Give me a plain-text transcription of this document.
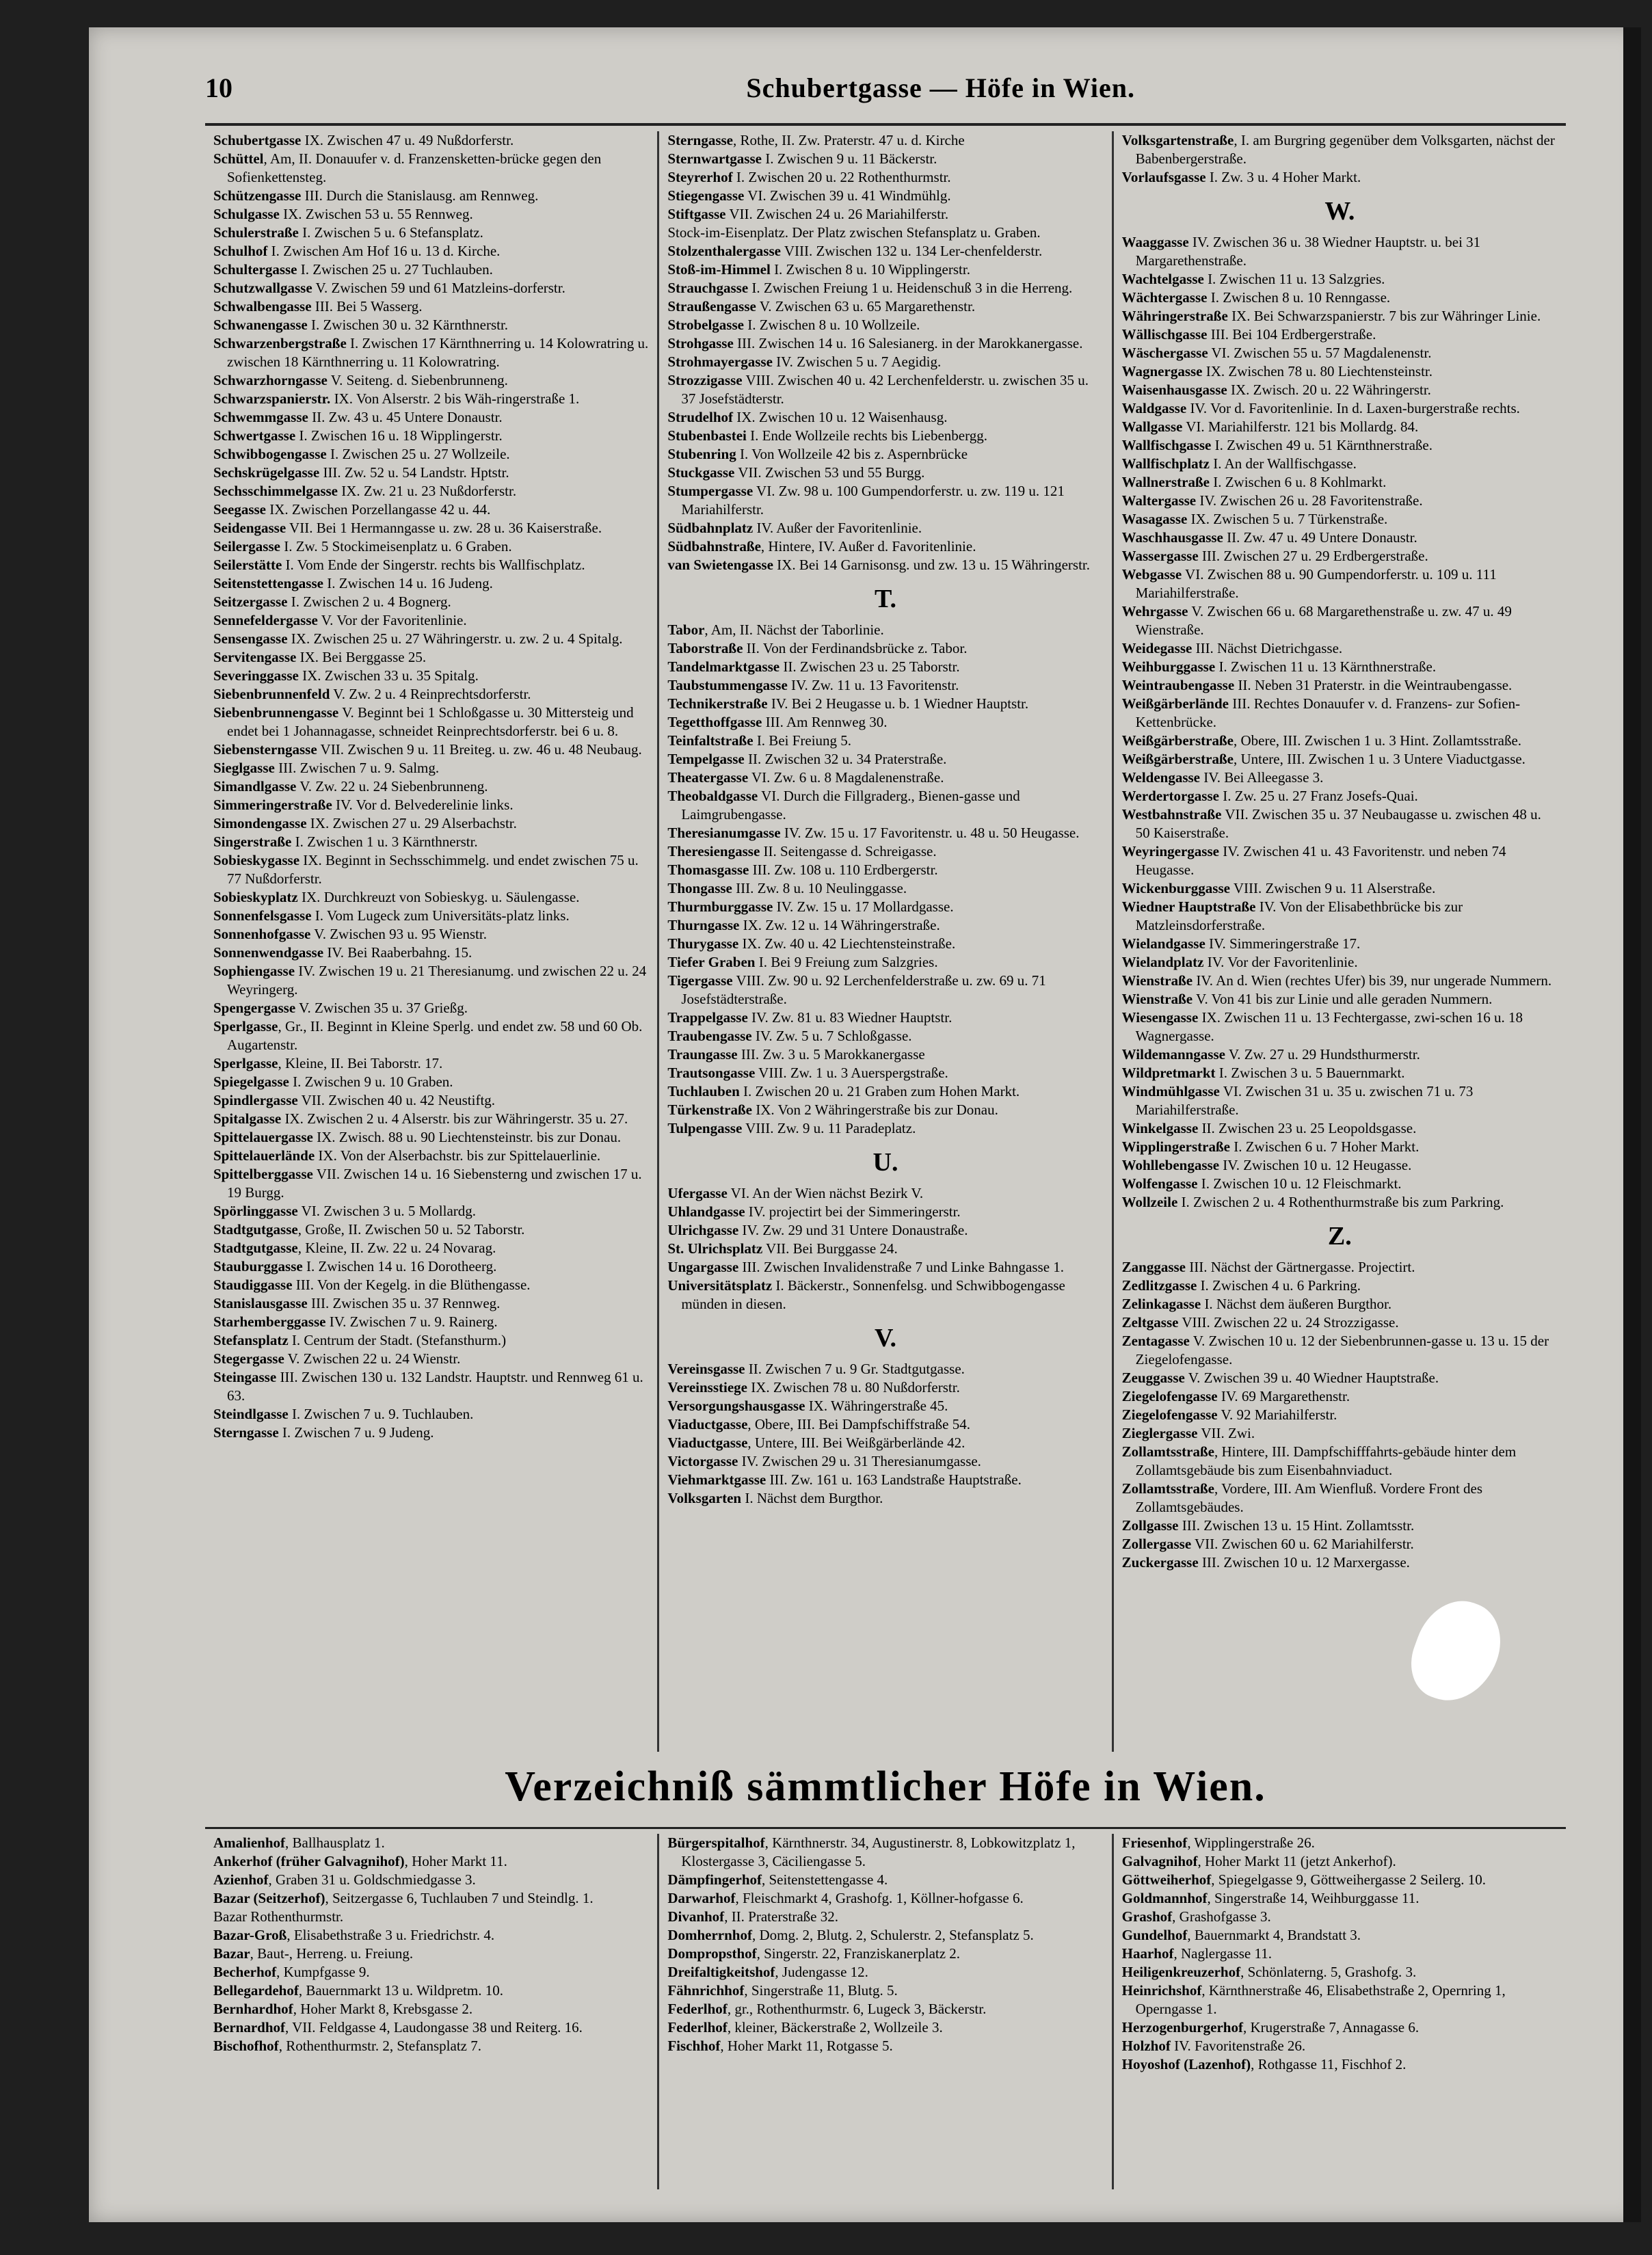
10	Schubertgasse — Höfe in Wien.

Schubertgasse IX. Zwischen 47 u. 49 Nußdorferstr.

Schüttel, Am, II. Donauufer v. d. Franzensketten-brücke gegen den Sofienkettensteg.

Schützengasse III. Durch die Stanislausg. am Rennweg.

Schulgasse IX. Zwischen 53 u. 55 Rennweg.

Schulerstraße I. Zwischen 5 u. 6 Stefansplatz.

Schulhof I. Zwischen Am Hof 16 u. 13 d. Kirche.

Schultergasse I. Zwischen 25 u. 27 Tuchlauben.

Schutzwallgasse V. Zwischen 59 und 61 Matzleins-dorferstr.

Schwalbengasse III. Bei 5 Wasserg.

Schwanengasse I. Zwischen 30 u. 32 Kärnthnerstr.

Schwarzenbergstraße I. Zwischen 17 Kärnthnerring u. 14 Kolowratring u. zwischen 18 Kärnthnerring u. 11 Kolowratring.

Schwarzhorngasse V. Seiteng. d. Siebenbrunneng.

Schwarzspanierstr. IX. Von Alserstr. 2 bis Wäh-ringerstraße 1.

Schwemmgasse II. Zw. 43 u. 45 Untere Donaustr.

Schwertgasse I. Zwischen 16 u. 18 Wipplingerstr.

Schwibbogengasse I. Zwischen 25 u. 27 Wollzeile.

Sechskrügelgasse III. Zw. 52 u. 54 Landstr. Hptstr.

Sechsschimmelgasse IX. Zw. 21 u. 23 Nußdorferstr.

Seegasse IX. Zwischen Porzellangasse 42 u. 44.

Seidengasse VII. Bei 1 Hermanngasse u. zw. 28 u. 36 Kaiserstraße.

Seilergasse I. Zw. 5 Stockimeisenplatz u. 6 Graben.

Seilerstätte I. Vom Ende der Singerstr. rechts bis Wallfischplatz.

Seitenstettengasse I. Zwischen 14 u. 16 Judeng.

Seitzergasse I. Zwischen 2 u. 4 Bognerg.

Sennefeldergasse V. Vor der Favoritenlinie.

Sensengasse IX. Zwischen 25 u. 27 Währingerstr. u. zw. 2 u. 4 Spitalg.

Servitengasse IX. Bei Berggasse 25.

Severinggasse IX. Zwischen 33 u. 35 Spitalg.

Siebenbrunnenfeld V. Zw. 2 u. 4 Reinprechtsdorferstr.

Siebenbrunnengasse V. Beginnt bei 1 Schloßgasse u. 30 Mittersteig und endet bei 1 Johannagasse, schneidet Reinprechtsdorferstr. bei 6 u. 8.

Siebensterngasse VII. Zwischen 9 u. 11 Breiteg. u. zw. 46 u. 48 Neubaug.

Sieglgasse III. Zwischen 7 u. 9. Salmg.

Simandlgasse V. Zw. 22 u. 24 Siebenbrunneng.

Simmeringerstraße IV. Vor d. Belvederelinie links.

Simondengasse IX. Zwischen 27 u. 29 Alserbachstr.

Singerstraße I. Zwischen 1 u. 3 Kärnthnerstr.

Sobieskygasse IX. Beginnt in Sechsschimmelg. und endet zwischen 75 u. 77 Nußdorferstr.

Sobieskyplatz IX. Durchkreuzt von Sobieskyg. u. Säulengasse.

Sonnenfelsgasse I. Vom Lugeck zum Universitäts-platz links.

Sonnenhofgasse V. Zwischen 93 u. 95 Wienstr.

Sonnenwendgasse IV. Bei Raaberbahng. 15.

Sophiengasse IV. Zwischen 19 u. 21 Theresianumg. und zwischen 22 u. 24 Weyringerg.

Spengergasse V. Zwischen 35 u. 37 Grießg.

Sperlgasse, Gr., II. Beginnt in Kleine Sperlg. und endet zw. 58 und 60 Ob. Augartenstr.

Sperlgasse, Kleine, II. Bei Taborstr. 17.

Spiegelgasse I. Zwischen 9 u. 10 Graben.

Spindlergasse VII. Zwischen 40 u. 42 Neustiftg.

Spitalgasse IX. Zwischen 2 u. 4 Alserstr. bis zur Währingerstr. 35 u. 27.

Spittelauergasse IX. Zwisch. 88 u. 90 Liechtensteinstr. bis zur Donau.

Spittelauerlände IX. Von der Alserbachstr. bis zur Spittelauerlinie.

Spittelberggasse VII. Zwischen 14 u. 16 Siebensterng und zwischen 17 u. 19 Burgg.

Spörlinggasse VI. Zwischen 3 u. 5 Mollardg.

Stadtgutgasse, Große, II. Zwischen 50 u. 52 Taborstr.

Stadtgutgasse, Kleine, II. Zw. 22 u. 24 Novarag.

Stauburggasse I. Zwischen 14 u. 16 Dorotheerg.

Staudiggasse III. Von der Kegelg. in die Blüthengasse.

Stanislausgasse III. Zwischen 35 u. 37 Rennweg.

Starhemberggasse IV. Zwischen 7 u. 9. Rainerg.

Stefansplatz I. Centrum der Stadt. (Stefansthurm.)

Stegergasse V. Zwischen 22 u. 24 Wienstr.

Steingasse III. Zwischen 130 u. 132 Landstr. Hauptstr. und Rennweg 61 u. 63.

Steindlgasse I. Zwischen 7 u. 9. Tuchlauben.

Sterngasse I. Zwischen 7 u. 9 Judeng.

Sterngasse, Rothe, II. Zw. Praterstr. 47 u. d. Kirche

Sternwartgasse I. Zwischen 9 u. 11 Bäckerstr.

Steyrerhof I. Zwischen 20 u. 22 Rothenthurmstr.

Stiegengasse VI. Zwischen 39 u. 41 Windmühlg.

Stiftgasse VII. Zwischen 24 u. 26 Mariahilferstr.

Stock-im-Eisenplatz. Der Platz zwischen Stefansplatz u. Graben.

Stolzenthalergasse VIII. Zwischen 132 u. 134 Ler-chenfelderstr.

Stoß-im-Himmel I. Zwischen 8 u. 10 Wipplingerstr.

Strauchgasse I. Zwischen Freiung 1 u. Heidenschuß 3 in die Herreng.

Straußengasse V. Zwischen 63 u. 65 Margarethenstr.

Strobelgasse I. Zwischen 8 u. 10 Wollzeile.

Strohgasse III. Zwischen 14 u. 16 Salesianerg. in der Marokkanergasse.

Strohmayergasse IV. Zwischen 5 u. 7 Aegidig.

Strozzigasse VIII. Zwischen 40 u. 42 Lerchenfelderstr. u. zwischen 35 u. 37 Josefstädterstr.

Strudelhof IX. Zwischen 10 u. 12 Waisenhausg.

Stubenbastei I. Ende Wollzeile rechts bis Liebenbergg.

Stubenring I. Von Wollzeile 42 bis z. Aspernbrücke

Stuckgasse VII. Zwischen 53 und 55 Burgg.

Stumpergasse VI. Zw. 98 u. 100 Gumpendorferstr. u. zw. 119 u. 121 Mariahilferstr.

Südbahnplatz IV. Außer der Favoritenlinie.

Südbahnstraße, Hintere, IV. Außer d. Favoritenlinie.

van Swietengasse IX. Bei 14 Garnisonsg. und zw. 13 u. 15 Währingerstr.

T.

Tabor, Am, II. Nächst der Taborlinie.

Taborstraße II. Von der Ferdinandsbrücke z. Tabor.

Tandelmarktgasse II. Zwischen 23 u. 25 Taborstr.

Taubstummengasse IV. Zw. 11 u. 13 Favoritenstr.

Technikerstraße IV. Bei 2 Heugasse u. b. 1 Wiedner Hauptstr.

Tegetthoffgasse III. Am Rennweg 30.

Teinfaltstraße I. Bei Freiung 5.

Tempelgasse II. Zwischen 32 u. 34 Praterstraße.

Theatergasse VI. Zw. 6 u. 8 Magdalenenstraße.

Theobaldgasse VI. Durch die Fillgraderg., Bienen-gasse und Laimgrubengasse.

Theresianumgasse IV. Zw. 15 u. 17 Favoritenstr. u. 48 u. 50 Heugasse.

Theresiengasse II. Seitengasse d. Schreigasse.

Thomasgasse III. Zw. 108 u. 110 Erdbergerstr.

Thongasse III. Zw. 8 u. 10 Neulinggasse.

Thurmburggasse IV. Zw. 15 u. 17 Mollardgasse.

Thurngasse IX. Zw. 12 u. 14 Währingerstraße.

Thurygasse IX. Zw. 40 u. 42 Liechtensteinstraße.

Tiefer Graben I. Bei 9 Freiung zum Salzgries.

Tigergasse VIII. Zw. 90 u. 92 Lerchenfelderstraße u. zw. 69 u. 71 Josefstädterstraße.

Trappelgasse IV. Zw. 81 u. 83 Wiedner Hauptstr.

Traubengasse IV. Zw. 5 u. 7 Schloßgasse.

Traungasse III. Zw. 3 u. 5 Marokkanergasse

Trautsongasse VIII. Zw. 1 u. 3 Auerspergstraße.

Tuchlauben I. Zwischen 20 u. 21 Graben zum Hohen Markt.

Türkenstraße IX. Von 2 Währingerstraße bis zur Donau.

Tulpengasse VIII. Zw. 9 u. 11 Paradeplatz.

U.

Ufergasse VI. An der Wien nächst Bezirk V.

Uhlandgasse IV. projectirt bei der Simmeringerstr.

Ulrichgasse IV. Zw. 29 und 31 Untere Donaustraße.

St. Ulrichsplatz VII. Bei Burggasse 24.

Ungargasse III. Zwischen Invalidenstraße 7 und Linke Bahngasse 1.

Universitätsplatz I. Bäckerstr., Sonnenfelsg. und Schwibbogengasse münden in diesen.

V.

Vereinsgasse II. Zwischen 7 u. 9 Gr. Stadtgutgasse.

Vereinsstiege IX. Zwischen 78 u. 80 Nußdorferstr.

Versorgungshausgasse IX. Währingerstraße 45.

Viaductgasse, Obere, III. Bei Dampfschiffstraße 54.

Viaductgasse, Untere, III. Bei Weißgärberlände 42.

Victorgasse IV. Zwischen 29 u. 31 Theresianumgasse.

Viehmarktgasse III. Zw. 161 u. 163 Landstraße Hauptstraße.

Volksgarten I. Nächst dem Burgthor.

Volksgartenstraße, I. am Burgring gegenüber dem Volksgarten, nächst der Babenbergerstraße.

Vorlaufsgasse I. Zw. 3 u. 4 Hoher Markt.

W.

Waaggasse IV. Zwischen 36 u. 38 Wiedner Hauptstr. u. bei 31 Margarethenstraße.

Wachtelgasse I. Zwischen 11 u. 13 Salzgries.

Wächtergasse I. Zwischen 8 u. 10 Renngasse.

Währingerstraße IX. Bei Schwarzspanierstr. 7 bis zur Währinger Linie.

Wällischgasse III. Bei 104 Erdbergerstraße.

Wäschergasse VI. Zwischen 55 u. 57 Magdalenenstr.

Wagnergasse IX. Zwischen 78 u. 80 Liechtensteinstr.

Waisenhausgasse IX. Zwisch. 20 u. 22 Währingerstr.

Waldgasse IV. Vor d. Favoritenlinie. In d. Laxen-burgerstraße rechts.

Wallgasse VI. Mariahilferstr. 121 bis Mollardg. 84.

Wallfischgasse I. Zwischen 49 u. 51 Kärnthnerstraße.

Wallfischplatz I. An der Wallfischgasse.

Wallnerstraße I. Zwischen 6 u. 8 Kohlmarkt.

Waltergasse IV. Zwischen 26 u. 28 Favoritenstraße.

Wasagasse IX. Zwischen 5 u. 7 Türkenstraße.

Waschhausgasse II. Zw. 47 u. 49 Untere Donaustr.

Wassergasse III. Zwischen 27 u. 29 Erdbergerstraße.

Webgasse VI. Zwischen 88 u. 90 Gumpendorferstr. u. 109 u. 111 Mariahilferstraße.

Wehrgasse V. Zwischen 66 u. 68 Margarethenstraße u. zw. 47 u. 49 Wienstraße.

Weidegasse III. Nächst Dietrichgasse.

Weihburggasse I. Zwischen 11 u. 13 Kärnthnerstraße.

Weintraubengasse II. Neben 31 Praterstr. in die Weintraubengasse.

Weißgärberlände III. Rechtes Donauufer v. d. Franzens- zur Sofien-Kettenbrücke.

Weißgärberstraße, Obere, III. Zwischen 1 u. 3 Hint. Zollamtsstraße.

Weißgärberstraße, Untere, III. Zwischen 1 u. 3 Untere Viaductgasse.

Weldengasse IV. Bei Alleegasse 3.

Werdertorgasse I. Zw. 25 u. 27 Franz Josefs-Quai.

Westbahnstraße VII. Zwischen 35 u. 37 Neubaugasse u. zwischen 48 u. 50 Kaiserstraße.

Weyringergasse IV. Zwischen 41 u. 43 Favoritenstr. und neben 74 Heugasse.

Wickenburggasse VIII. Zwischen 9 u. 11 Alserstraße.

Wiedner Hauptstraße IV. Von der Elisabethbrücke bis zur Matzleinsdorferstraße.

Wielandgasse IV. Simmeringerstraße 17.

Wielandplatz IV. Vor der Favoritenlinie.

Wienstraße IV. An d. Wien (rechtes Ufer) bis 39, nur ungerade Nummern.

Wienstraße V. Von 41 bis zur Linie und alle geraden Nummern.

Wiesengasse IX. Zwischen 11 u. 13 Fechtergasse, zwi-schen 16 u. 18 Wagnergasse.

Wildemanngasse V. Zw. 27 u. 29 Hundsthurmerstr.

Wildpretmarkt I. Zwischen 3 u. 5 Bauernmarkt.

Windmühlgasse VI. Zwischen 31 u. 35 u. zwischen 71 u. 73 Mariahilferstraße.

Winkelgasse II. Zwischen 23 u. 25 Leopoldsgasse.

Wipplingerstraße I. Zwischen 6 u. 7 Hoher Markt.

Wohllebengasse IV. Zwischen 10 u. 12 Heugasse.

Wolfengasse I. Zwischen 10 u. 12 Fleischmarkt.

Wollzeile I. Zwischen 2 u. 4 Rothenthurmstraße bis zum Parkring.

Z.

Zanggasse III. Nächst der Gärtnergasse. Projectirt.

Zedlitzgasse I. Zwischen 4 u. 6 Parkring.

Zelinkagasse I. Nächst dem äußeren Burgthor.

Zeltgasse VIII. Zwischen 22 u. 24 Strozzigasse.

Zentagasse V. Zwischen 10 u. 12 der Siebenbrunnen-gasse u. 13 u. 15 der Ziegelofengasse.

Zeuggasse V. Zwischen 39 u. 40 Wiedner Hauptstraße.

Ziegelofengasse IV. 69 Margarethenstr.

Ziegelofengasse V. 92 Mariahilferstr.

Zieglergasse VII. Zwi.

Zollamtsstraße, Hintere, III. Dampfschifffahrts-gebäude hinter dem Zollamtsgebäude bis zum Eisenbahnviaduct.

Zollamtsstraße, Vordere, III. Am Wienfluß. Vordere Front des Zollamtsgebäudes.

Zollgasse III. Zwischen 13 u. 15 Hint. Zollamtsstr.

Zollergasse VII. Zwischen 60 u. 62 Mariahilferstr.

Zuckergasse III. Zwischen 10 u. 12 Marxergasse.

Verzeichniß sämmtlicher Höfe in Wien.

Amalienhof, Ballhausplatz 1.

Ankerhof (früher Galvagnihof), Hoher Markt 11.

Azienhof, Graben 31 u. Goldschmiedgasse 3.

Bazar (Seitzerhof), Seitzergasse 6, Tuchlauben 7 und Steindlg. 1.

Bazar Rothenthurmstr.

Bazar-Groß, Elisabethstraße 3 u. Friedrichstr. 4.

Bazar, Baut-, Herreng. u. Freiung.

Becherhof, Kumpfgasse 9.

Bellegardehof, Bauernmarkt 13 u. Wildpretm. 10.

Bernhardhof, Hoher Markt 8, Krebsgasse 2.

Bernardhof, VII. Feldgasse 4, Laudongasse 38 und Reiterg. 16.

Bischofhof, Rothenthurmstr. 2, Stefansplatz 7.

Bürgerspitalhof, Kärnthnerstr. 34, Augustinerstr. 8, Lobkowitzplatz 1, Klostergasse 3, Cäciliengasse 5.

Dämpfingerhof, Seitenstettengasse 4.

Darwarhof, Fleischmarkt 4, Grashofg. 1, Köllner-hofgasse 6.

Divanhof, II. Praterstraße 32.

Domherrnhof, Domg. 2, Blutg. 2, Schulerstr. 2, Stefansplatz 5.

Dompropsthof, Singerstr. 22, Franziskanerplatz 2.

Dreifaltigkeitshof, Judengasse 12.

Fähnrichhof, Singerstraße 11, Blutg. 5.

Federlhof, gr., Rothenthurmstr. 6, Lugeck 3, Bäckerstr.

Federlhof, kleiner, Bäckerstraße 2, Wollzeile 3.

Fischhof, Hoher Markt 11, Rotgasse 5.

Friesenhof, Wipplingerstraße 26.

Galvagnihof, Hoher Markt 11 (jetzt Ankerhof).

Göttweiherhof, Spiegelgasse 9, Göttweihergasse 2 Seilerg. 10.

Goldmannhof, Singerstraße 14, Weihburggasse 11.

Grashof, Grashofgasse 3.

Gundelhof, Bauernmarkt 4, Brandstatt 3.

Haarhof, Naglergasse 11.

Heiligenkreuzerhof, Schönlaterng. 5, Grashofg. 3.

Heinrichshof, Kärnthnerstraße 46, Elisabethstraße 2, Opernring 1, Operngasse 1.

Herzogenburgerhof, Krugerstraße 7, Annagasse 6.

Holzhof IV. Favoritenstraße 26.

Hoyoshof (Lazenhof), Rothgasse 11, Fischhof 2.
